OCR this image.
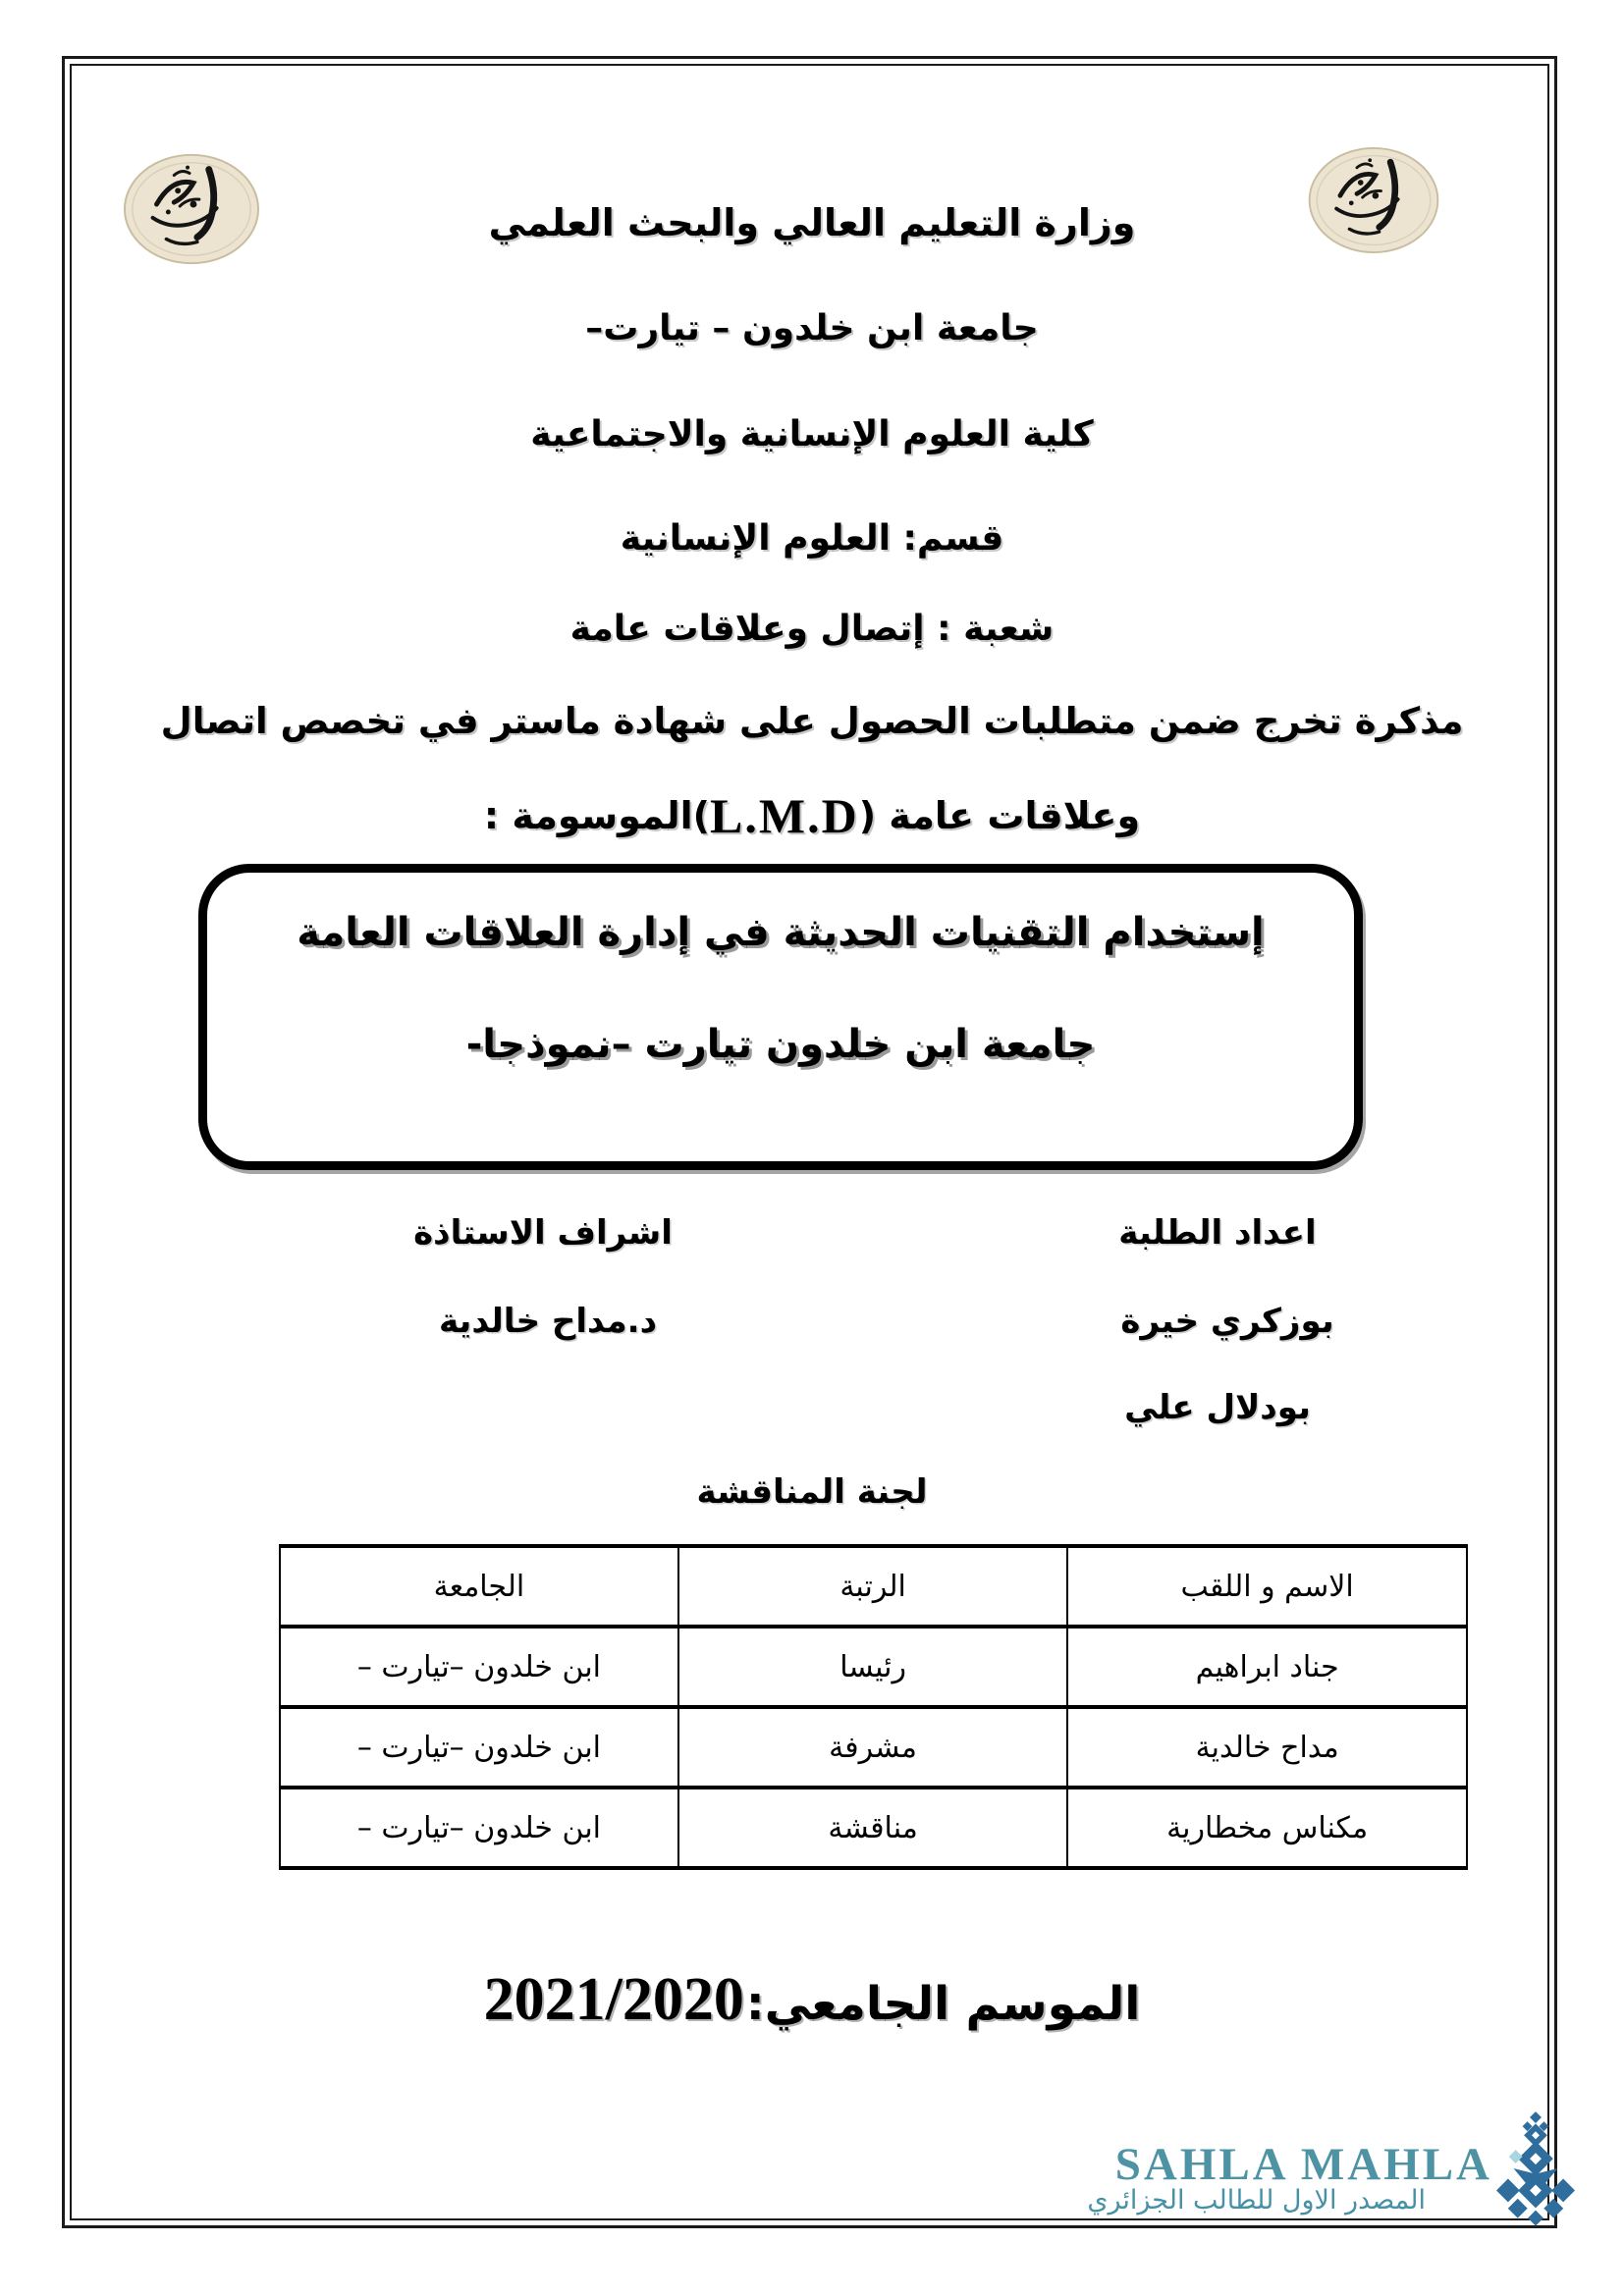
وزارة التعليم العالي والبحث العلمي
جامعة ابن خلدون – تيارت–
كلية العلوم الإنسانية والاجتماعية
قسم: العلوم الإنسانية
شعبة : إتصال وعلاقات عامة
مذكرة تخرج ضمن متطلبات الحصول على شهادة ماستر في تخصص اتصال
وعلاقات عامة (L.M.D)الموسومة :
إستخدام التقنيات الحديثة في إدارة العلاقات العامة
جامعة ابن خلدون تيارت –نموذجا-
اعداد الطلبة
بوزكري خيرة
بودلال علي
اشراف الاستاذة
د.مداح خالدية
لجنة المناقشة
الاسم و اللقب	الرتبة	الجامعة
جناد ابراهيم	رئيسا	ابن خلدون –تيارت –
مداح خالدية	مشرفة	ابن خلدون –تيارت –
مكناس مخطارية	مناقشة	ابن خلدون –تيارت –
الموسم الجامعي:
2021/2020
SAHLA MAHLA
المصدر الاول للطالب الجزائري
